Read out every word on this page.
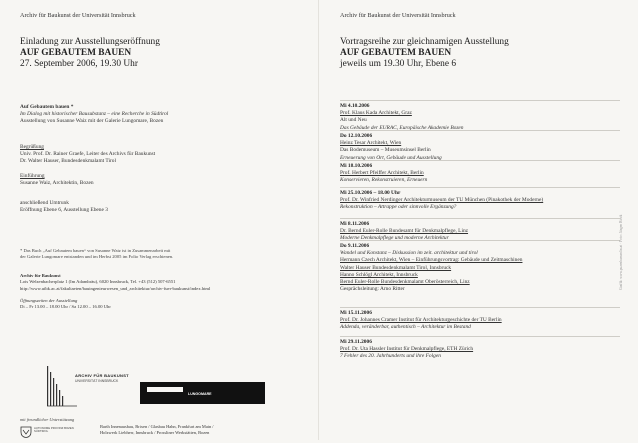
Archiv für Baukunst der Universität Innsbruck
Einladung zur Ausstellungseröffnung
AUF GEBAUTEM BAUEN
27. September 2006, 19.30 Uhr
Auf Gebautem bauen *
Im Dialog mit historischer Bausubstanz – eine Recherche in Südtirol
Ausstellung von Susanne Waiz mit der Galerie Lungomare, Bozen
Begrüßung
Univ. Prof. Dr. Rainer Graefe, Leiter des Archivs für Baukunst
Dr. Walter Hauser, Bundesdenkmalamt Tirol
Einführung
Susanne Waiz, Architektin, Bozen
anschließend Umtrunk
Eröffnung Ebene 6, Ausstellung Ebene 3
* Das Buch „Auf Gebautem bauen“ von Susanne Waiz ist in Zusammenarbeit mit
der Galerie Lungomare entstanden und im Herbst 2005 im Folio Verlag erschienen.
Archiv für Baukunst
Lois Welzenbacherplatz 1 (Im Adambräu), 6020 Innsbruck, Tel. +43 (512) 507-6551
http://www.uibk.ac.at/fakultaeten/bauingenieurwesen_und_architektur/archiv-fuer-baukunst/index.html
Öffnungszeiten der Ausstellung
Di – Fr 13.00 – 18.00 Uhr / Sa 12.00 – 16.00 Uhr
ARCHIV FÜR BAUKUNST
UNIVERSITÄT INNSBRUCK
LUNGOMARE
mit freundlicher Unterstützung
AUTONOME PROVINZ BOZEN SÜDTIROL
Barth Innenausbau, Brixen / Glasbau Hahn, Frankfurt am Main /
Holzwerk Liebherr, Innsbruck / Prossliner Werkstätten, Bozen
Archiv für Baukunst der Universität Innsbruck
Vortragsreihe zur gleichnamigen Ausstellung
AUF GEBAUTEM BAUEN
jeweils um 19.30 Uhr, Ebene 6
Mi 4.10.2006
Prof. Klaus Kada Architekt, Graz
Alt und Neu
Das Gebäude der EURAC, Europäische Akademie Bozen
Do 12.10.2006
Heinz Tesar Architekt, Wien
Das Bodemuseum – Museumsinsel Berlin
Erneuerung von Ort, Gebäude und Ausstellung
Mi 18.10.2006
Prof. Herbert Pfeiffer Architekt, Berlin
Konservieren, Rekonstruieren, Erneuern
Mi 25.10.2006 – 18.00 Uhr
Prof. Dr. Winfried Nerdinger Architekturmuseum der TU München (Pinakothek der Moderne)
Rekonstruktion – Attrappe oder sinnvolle Ergänzung?
Mi 8.11.2006
Dr. Bernd Euler-Rolle Bundesamt für Denkmalpflege, Linz
Moderne Denkmalpflege und moderne Architektur
Do 9.11.2006
Wandel und Konstanz – Diskussion im zeit. architektur und tirol
Hermann Czech Architekt, Wien – Einführungsvortrag: Gebäude und Zeitmaschinen
Walter Hauser Bundesdenkmalamt Tirol, Innsbruck
Hanno Schlögl Architekt, Innsbruck
Bernd Euler-Rolle Bundesdenkmalamt Oberösterreich, Linz
Gesprächsleitung: Arno Ritter
Mi 15.11.2006
Prof. Dr. Johannes Cramer Institut für Architekturgeschichte der TU Berlin
Addenda, veränderbar, authentisch – Architektur im Bestand
Mi 29.11.2006
Prof. Dr. Uta Hassler Institut für Denkmalpflege, ETH Zürich
7 Fehler des 20. Jahrhunderts und ihre Folgen
Grafik: www.puzenbaeumlin.at · Foto: Jürgen Rieck
